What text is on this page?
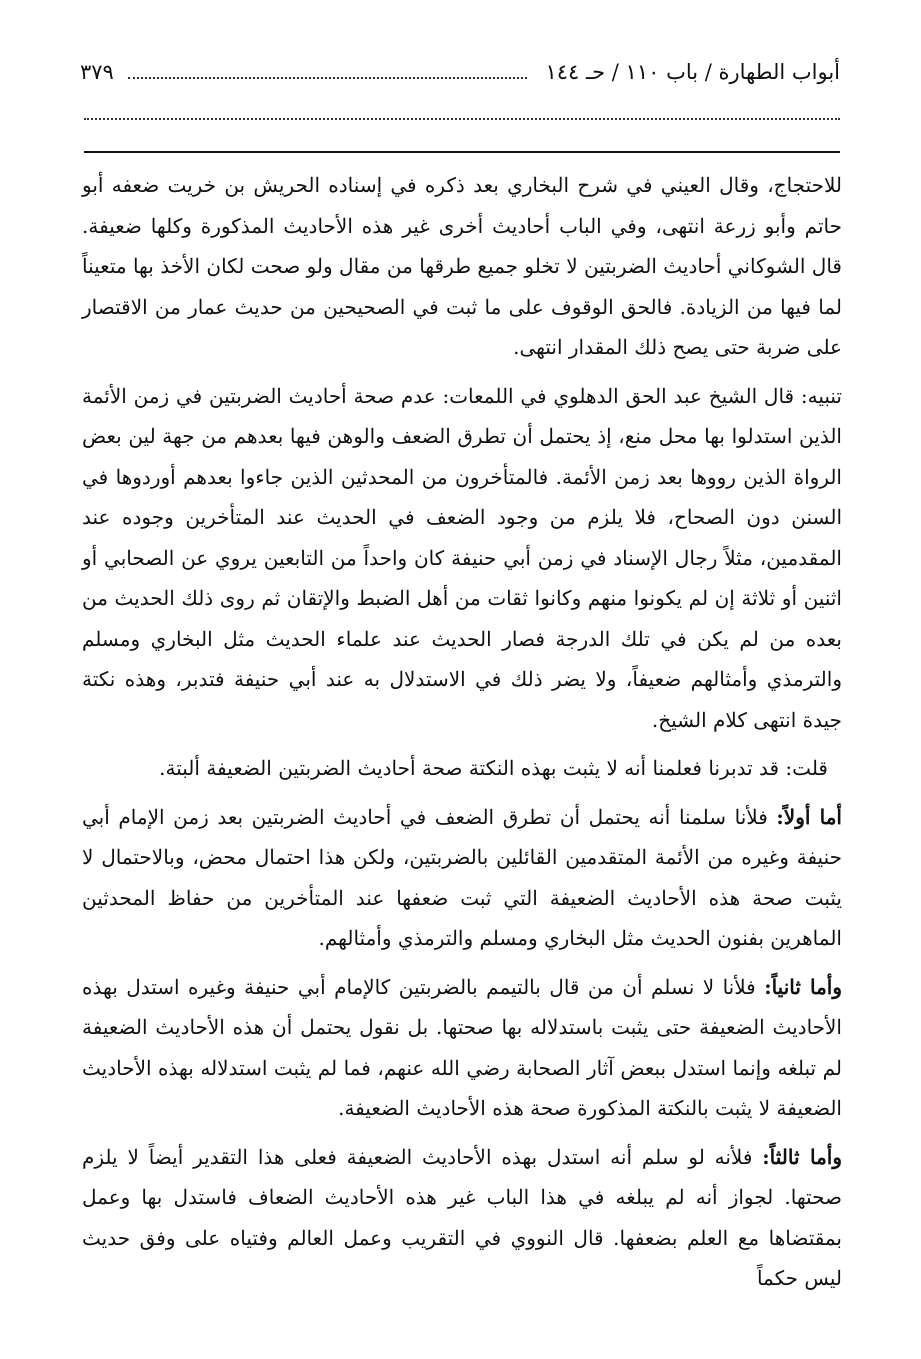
أبواب الطهارة / باب ١١٠ / حـ ١٤٤
٣٧٩

للاحتجاج، وقال العيني في شرح البخاري بعد ذكره في إسناده الحريش بن خريت ضعفه أبو حاتم وأبو زرعة انتهى، وفي الباب أحاديث أخرى غير هذه الأحاديث المذكورة وكلها ضعيفة. قال الشوكاني أحاديث الضربتين لا تخلو جميع طرقها من مقال ولو صحت لكان الأخذ بها متعيناً لما فيها من الزيادة. فالحق الوقوف على ما ثبت في الصحيحين من حديث عمار من الاقتصار على ضربة حتى يصح ذلك المقدار انتهى.

تنبيه: قال الشيخ عبد الحق الدهلوي في اللمعات: عدم صحة أحاديث الضربتين في زمن الأئمة الذين استدلوا بها محل منع، إذ يحتمل أن تطرق الضعف والوهن فيها بعدهم من جهة لين بعض الرواة الذين رووها بعد زمن الأئمة. فالمتأخرون من المحدثين الذين جاءوا بعدهم أوردوها في السنن دون الصحاح، فلا يلزم من وجود الضعف في الحديث عند المتأخرين وجوده عند المقدمين، مثلاً رجال الإسناد في زمن أبي حنيفة كان واحداً من التابعين يروي عن الصحابي أو اثنين أو ثلاثة إن لم يكونوا منهم وكانوا ثقات من أهل الضبط والإتقان ثم روى ذلك الحديث من بعده من لم يكن في تلك الدرجة فصار الحديث عند علماء الحديث مثل البخاري ومسلم والترمذي وأمثالهم ضعيفاً، ولا يضر ذلك في الاستدلال به عند أبي حنيفة فتدبر، وهذه نكتة جيدة انتهى كلام الشيخ.

قلت: قد تدبرنا فعلمنا أنه لا يثبت بهذه النكتة صحة أحاديث الضربتين الضعيفة ألبتة.

أما أولاً: فلأنا سلمنا أنه يحتمل أن تطرق الضعف في أحاديث الضربتين بعد زمن الإمام أبي حنيفة وغيره من الأئمة المتقدمين القائلين بالضربتين، ولكن هذا احتمال محض، وبالاحتمال لا يثبت صحة هذه الأحاديث الضعيفة التي ثبت ضعفها عند المتأخرين من حفاظ المحدثين الماهرين بفنون الحديث مثل البخاري ومسلم والترمذي وأمثالهم.

وأما ثانياً: فلأنا لا نسلم أن من قال بالتيمم بالضربتين كالإمام أبي حنيفة وغيره استدل بهذه الأحاديث الضعيفة حتى يثبت باستدلاله بها صحتها. بل نقول يحتمل أن هذه الأحاديث الضعيفة لم تبلغه وإنما استدل ببعض آثار الصحابة رضي الله عنهم، فما لم يثبت استدلاله بهذه الأحاديث الضعيفة لا يثبت بالنكتة المذكورة صحة هذه الأحاديث الضعيفة.

وأما ثالثاً: فلأنه لو سلم أنه استدل بهذه الأحاديث الضعيفة فعلى هذا التقدير أيضاً لا يلزم صحتها. لجواز أنه لم يبلغه في هذا الباب غير هذه الأحاديث الضعاف فاستدل بها وعمل بمقتضاها مع العلم بضعفها. قال النووي في التقريب وعمل العالم وفتياه على وفق حديث ليس حكماً
